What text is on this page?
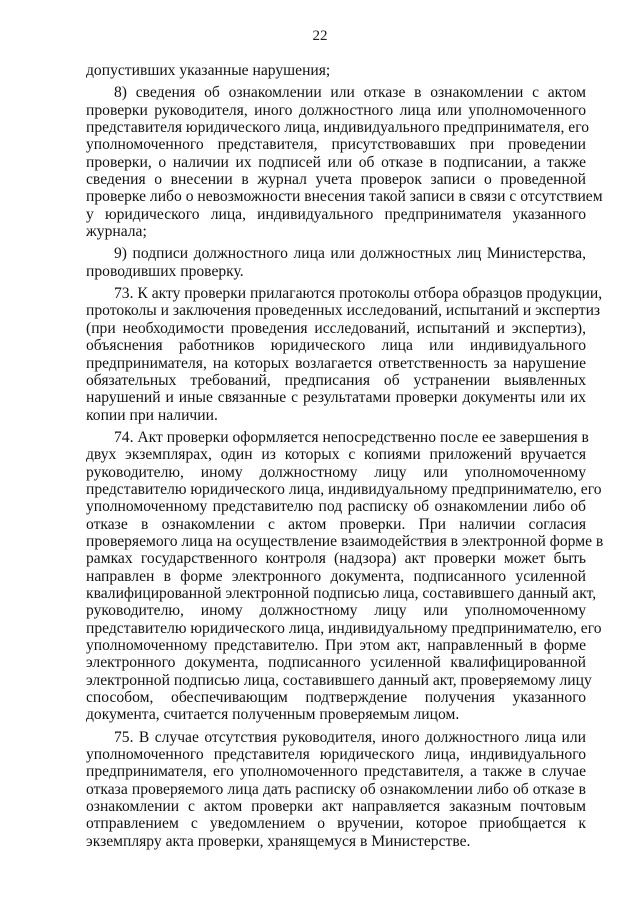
22
допустивших указанные нарушения;
8) сведения об ознакомлении или отказе в ознакомлении с актом
проверки руководителя, иного должностного лица или уполномоченного
представителя юридического лица, индивидуального предпринимателя, его
уполномоченного представителя, присутствовавших при проведении
проверки, о наличии их подписей или об отказе в подписании, а также
сведения о внесении в журнал учета проверок записи о проведенной
проверке либо о невозможности внесения такой записи в связи с отсутствием
у юридического лица, индивидуального предпринимателя указанного
журнала;
9) подписи должностного лица или должностных лиц Министерства,
проводивших проверку.
73. К акту проверки прилагаются протоколы отбора образцов продукции,
протоколы и заключения проведенных исследований, испытаний и экспертиз
(при необходимости проведения исследований, испытаний и экспертиз),
объяснения работников юридического лица или индивидуального
предпринимателя, на которых возлагается ответственность за нарушение
обязательных требований, предписания об устранении выявленных
нарушений и иные связанные с результатами проверки документы или их
копии при наличии.
74. Акт проверки оформляется непосредственно после ее завершения в
двух экземплярах, один из которых с копиями приложений вручается
руководителю, иному должностному лицу или уполномоченному
представителю юридического лица, индивидуальному предпринимателю, его
уполномоченному представителю под расписку об ознакомлении либо об
отказе в ознакомлении с актом проверки. При наличии согласия
проверяемого лица на осуществление взаимодействия в электронной форме в
рамках государственного контроля (надзора) акт проверки может быть
направлен в форме электронного документа, подписанного усиленной
квалифицированной электронной подписью лица, составившего данный акт,
руководителю, иному должностному лицу или уполномоченному
представителю юридического лица, индивидуальному предпринимателю, его
уполномоченному представителю. При этом акт, направленный в форме
электронного документа, подписанного усиленной квалифицированной
электронной подписью лица, составившего данный акт, проверяемому лицу
способом, обеспечивающим подтверждение получения указанного
документа, считается полученным проверяемым лицом.
75. В случае отсутствия руководителя, иного должностного лица или
уполномоченного представителя юридического лица, индивидуального
предпринимателя, его уполномоченного представителя, а также в случае
отказа проверяемого лица дать расписку об ознакомлении либо об отказе в
ознакомлении с актом проверки акт направляется заказным почтовым
отправлением с уведомлением о вручении, которое приобщается к
экземпляру акта проверки, хранящемуся в Министерстве.
